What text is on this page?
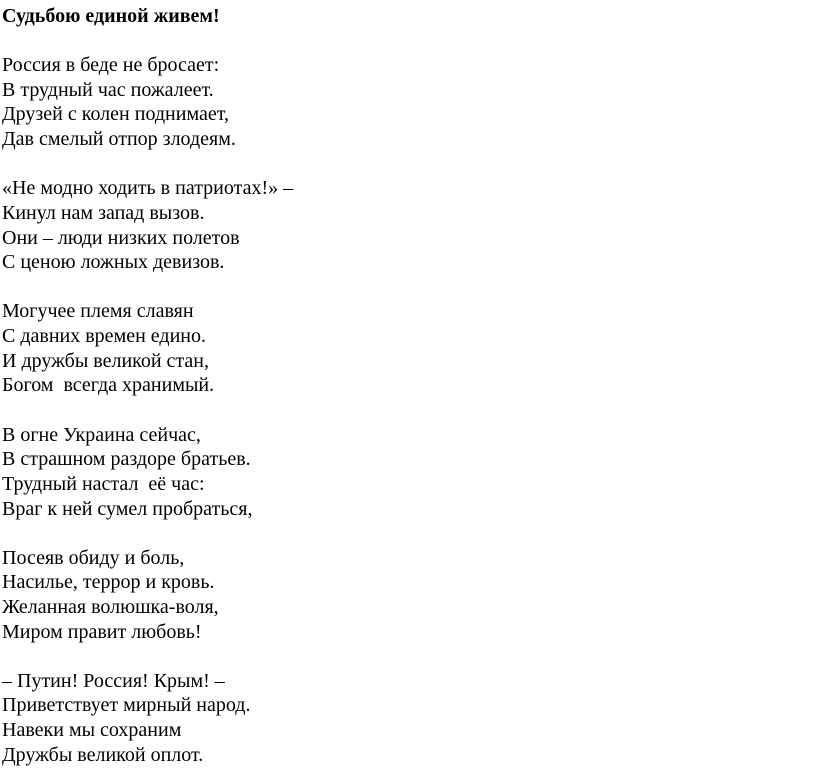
Судьбою единой живем!
Россия в беде не бросает:
В трудный час пожалеет.
Друзей с колен поднимает,
Дав смелый отпор злодеям.
«Не модно ходить в патриотах!» –
Кинул нам запад вызов.
Они – люди низких полетов
С ценою ложных девизов.
Могучее племя славян
С давних времен едино.
И дружбы великой стан,
Богом  всегда хранимый.
В огне Украина сейчас,
В страшном раздоре братьев.
Трудный настал  её час:
Враг к ней сумел пробраться,
Посеяв обиду и боль,
Насилье, террор и кровь.
Желанная волюшка-воля,
Миром правит любовь!
– Путин! Россия! Крым! –
Приветствует мирный народ.
Навеки мы сохраним
Дружбы великой оплот.
